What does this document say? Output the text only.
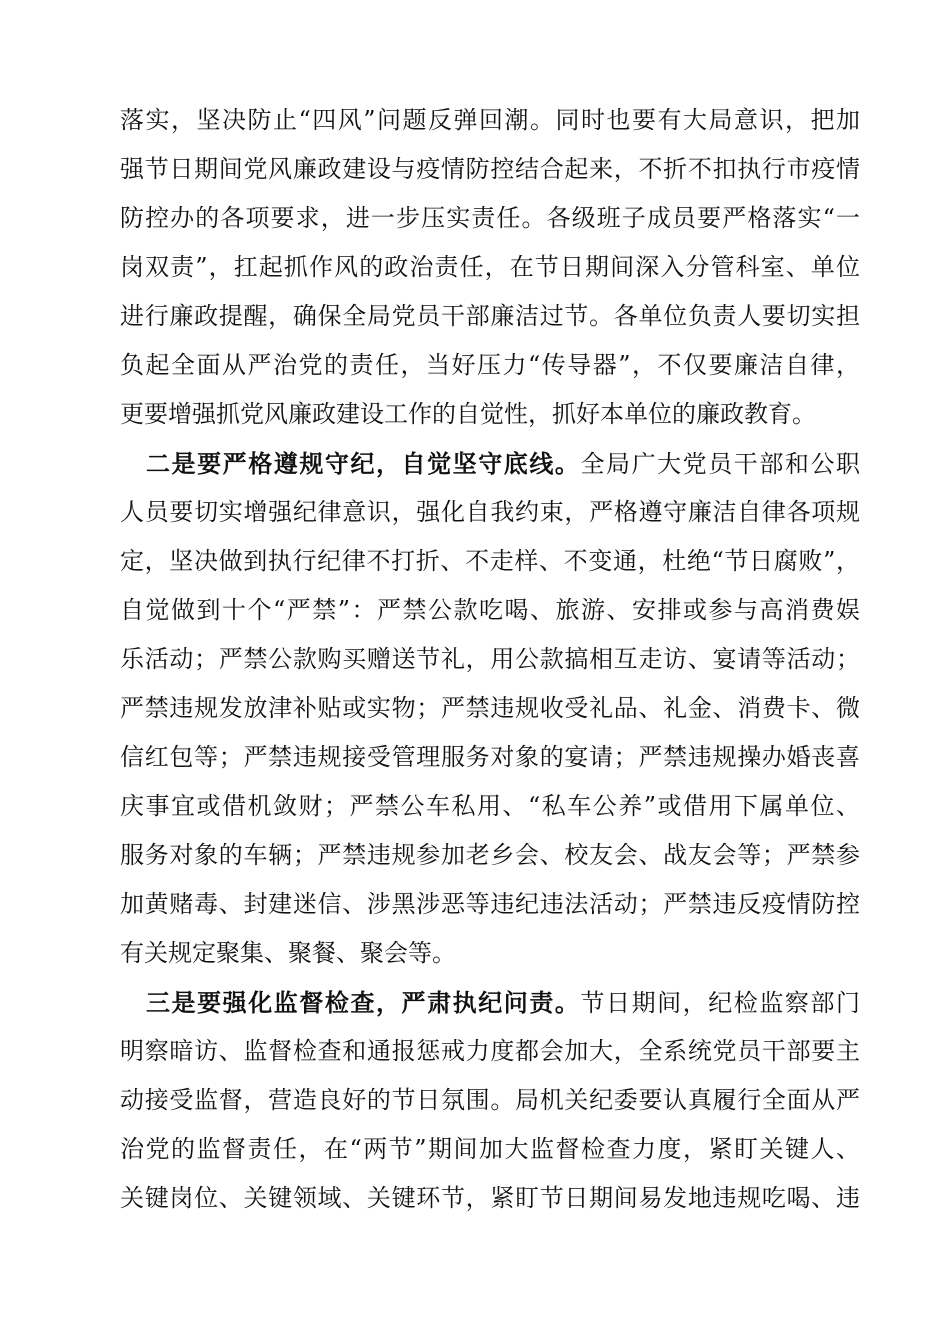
落实，坚决防止“四风”问题反弹回潮。同时也要有大局意识，把加
强节日期间党风廉政建设与疫情防控结合起来，不折不扣执行市疫情
防控办的各项要求，进一步压实责任。各级班子成员要严格落实“一
岗双责”，扛起抓作风的政治责任，在节日期间深入分管科室、单位
进行廉政提醒，确保全局党员干部廉洁过节。各单位负责人要切实担
负起全面从严治党的责任，当好压力“传导器”，不仅要廉洁自律，
更要增强抓党风廉政建设工作的自觉性，抓好本单位的廉政教育。
二是要严格遵规守纪，自觉坚守底线。全局广大党员干部和公职
人员要切实增强纪律意识，强化自我约束，严格遵守廉洁自律各项规
定，坚决做到执行纪律不打折、不走样、不变通，杜绝“节日腐败”，
自觉做到十个“严禁”：严禁公款吃喝、旅游、安排或参与高消费娱
乐活动；严禁公款购买赠送节礼，用公款搞相互走访、宴请等活动；
严禁违规发放津补贴或实物；严禁违规收受礼品、礼金、消费卡、微
信红包等；严禁违规接受管理服务对象的宴请；严禁违规操办婚丧喜
庆事宜或借机敛财；严禁公车私用、“私车公养”或借用下属单位、
服务对象的车辆；严禁违规参加老乡会、校友会、战友会等；严禁参
加黄赌毒、封建迷信、涉黑涉恶等违纪违法活动；严禁违反疫情防控
有关规定聚集、聚餐、聚会等。
三是要强化监督检查，严肃执纪问责。节日期间，纪检监察部门
明察暗访、监督检查和通报惩戒力度都会加大，全系统党员干部要主
动接受监督，营造良好的节日氛围。局机关纪委要认真履行全面从严
治党的监督责任，在“两节”期间加大监督检查力度，紧盯关键人、
关键岗位、关键领域、关键环节，紧盯节日期间易发地违规吃喝、违
